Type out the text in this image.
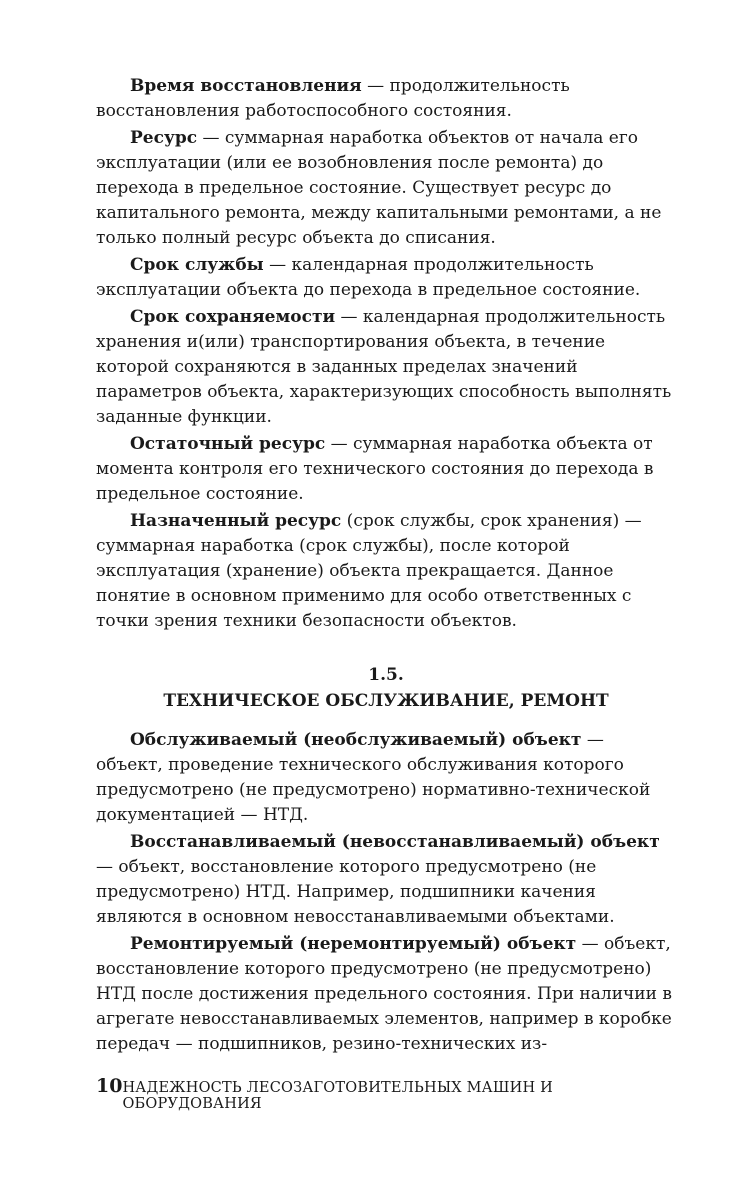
Время восстановления — продолжительность восстановления работоспособного состояния.

Ресурс — суммарная наработка объектов от начала его эксплуатации (или ее возобновления после ремонта) до перехода в предельное состояние. Существует ресурс до капитального ремонта, между капитальными ремонтами, а не только полный ресурс объекта до списания.

Срок службы — календарная продолжительность эксплуатации объекта до перехода в предельное состояние.

Срок сохраняемости — календарная продолжительность хранения и(или) транспортирования объекта, в течение которой сохраняются в заданных пределах значений параметров объекта, характеризующих способность выполнять заданные функции.

Остаточный ресурс — суммарная наработка объекта от момента контроля его технического состояния до перехода в предельное состояние.

Назначенный ресурс (срок службы, срок хранения) — суммарная наработка (срок службы), после которой эксплуатация (хранение) объекта прекращается. Данное понятие в основном применимо для особо ответственных с точки зрения техники безопасности объектов.

1.5.
ТЕХНИЧЕСКОЕ ОБСЛУЖИВАНИЕ, РЕМОНТ

Обслуживаемый (необслуживаемый) объект — объект, проведение технического обслуживания которого предусмотрено (не предусмотрено) нормативно-технической документацией — НТД.

Восстанавливаемый (невосстанавливаемый) объект — объект, восстановление которого предусмотрено (не предусмотрено) НТД. Например, подшипники качения являются в основном невосстанавливаемыми объектами.

Ремонтируемый (неремонтируемый) объект — объект, восстановление которого предусмотрено (не предусмотрено) НТД после достижения предельного состояния. При наличии в агрегате невосстанавливаемых элементов, например в коробке передач — подшипников, резино-технических из-

10 НАДЕЖНОСТЬ ЛЕСОЗАГОТОВИТЕЛЬНЫХ МАШИН И ОБОРУДОВАНИЯ
